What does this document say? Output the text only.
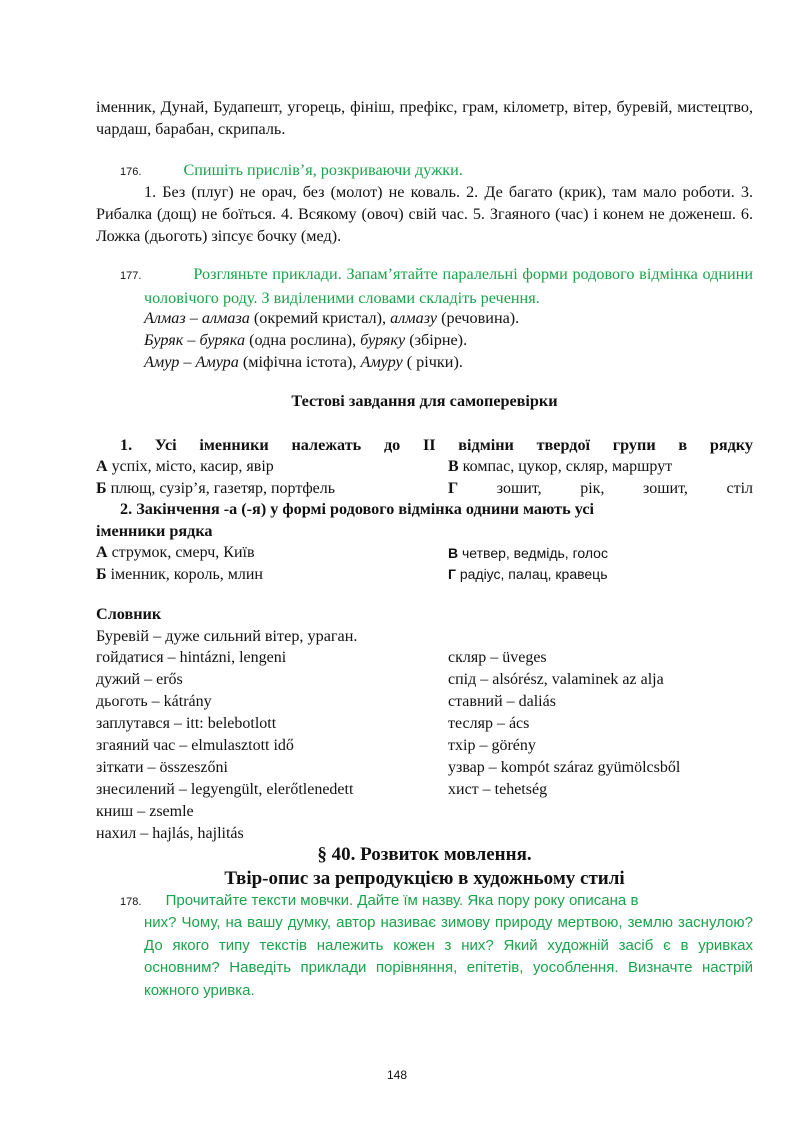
іменник, Дунай, Будапешт, угорець, фініш, префікс, грам, кілометр, вітер, буревій, мистецтво, чардаш, барабан, скрипаль.
176.	Спишіть прислів’я, розкриваючи дужки.
1. Без (плуг) не орач, без (молот) не коваль. 2. Де багато (крик), там мало роботи. 3. Рибалка (дощ) не боїться. 4. Всякому (овоч) свій час. 5. Згаяного (час) і конем не доженеш. 6. Ложка (дьоготь) зіпсує бочку (мед).
177.	Розгляньте приклади. Запам’ятайте паралельні форми родового відмінка однини чоловічого роду. З виділеними словами складіть речення.
Алмаз – алмаза (окремий кристал), алмазу (речовина).
Буряк – буряка (одна рослина), буряку (збірне).
Амур – Амура (міфічна істота), Амуру ( річки).
Тестові завдання для самоперевірки
1. Усі іменники належать до ІІ відміни твердої групи в рядку
А успіх, місто, касир, явір
Б плющ, сузір’я, газетяр, портфель
В компас, цукор, скляр, маршрут
Г зошит, рік, зошит, стіл
2. Закінчення -а (-я) у формі родового відмінка однини мають усі
іменники рядка
А струмок, смерч, Київ
Б іменник, король, млин
В четвер, ведмідь, голос
Г радіус, палац, кравець
Словник
Буревій – дуже сильний вітер, ураган.
гойдатися – hintázni, lengeni
дужий – erős
дьоготь – kátrány
заплутався – itt: belebotlott
згаяний час – elmulasztott idő
зіткати – összeszőni
знесилений – legyengült, elerőtlenedett
книш – zsemle
нахил – hajlás, hajlitás
скляр – üveges
спід – alsórész, valaminek az alja
ставний – daliás
тесляр – ács
тхір – görény
узвар – kompót száraz gyümölcsből
хист – tehetség
§ 40. Розвиток мовлення.
Твір-опис за репродукцією в художньому стилі
178. Прочитайте тексти мовчки. Дайте їм назву. Яка пору року описана в
них? Чому, на вашу думку, автор називає зимову природу мертвою, землю заснулою? До якого типу текстів належить кожен з них? Який художній засіб є в уривках основним? Наведіть приклади порівняння, епітетів, уособлення. Визначте настрій кожного уривка.
148
